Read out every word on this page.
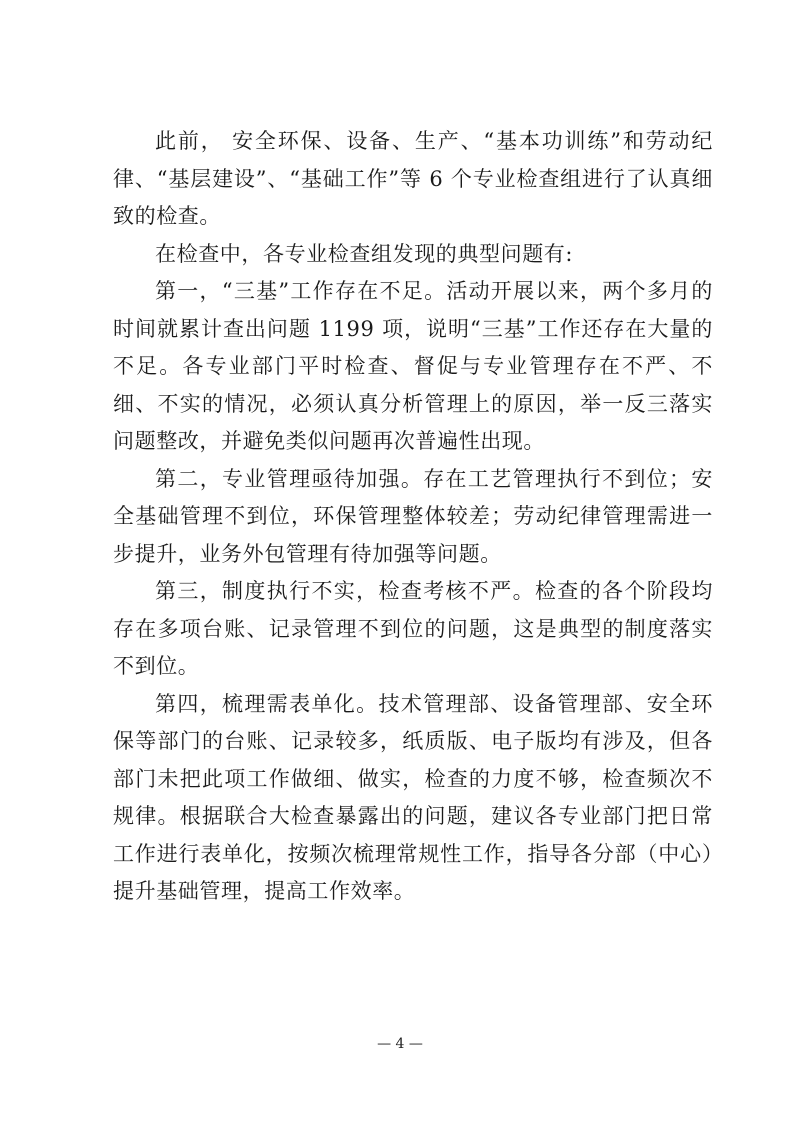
此前， 安全环保、设备、生产、“基本功训练”和劳动纪律、“基层建设”、“基础工作”等 6 个专业检查组进行了认真细致的检查。

在检查中，各专业检查组发现的典型问题有:

第一，“三基”工作存在不足。活动开展以来，两个多月的时间就累计查出问题 1199 项，说明“三基”工作还存在大量的不足。各专业部门平时检查、督促与专业管理存在不严、不细、不实的情况，必须认真分析管理上的原因，举一反三落实问题整改，并避免类似问题再次普遍性出现。

第二，专业管理亟待加强。存在工艺管理执行不到位；安全基础管理不到位，环保管理整体较差；劳动纪律管理需进一步提升，业务外包管理有待加强等问题。

第三，制度执行不实，检查考核不严。检查的各个阶段均存在多项台账、记录管理不到位的问题，这是典型的制度落实不到位。

第四，梳理需表单化。技术管理部、设备管理部、安全环保等部门的台账、记录较多，纸质版、电子版均有涉及，但各部门未把此项工作做细、做实，检查的力度不够，检查频次不规律。根据联合大检查暴露出的问题，建议各专业部门把日常工作进行表单化，按频次梳理常规性工作，指导各分部（中心）提升基础管理，提高工作效率。

— 4 —
